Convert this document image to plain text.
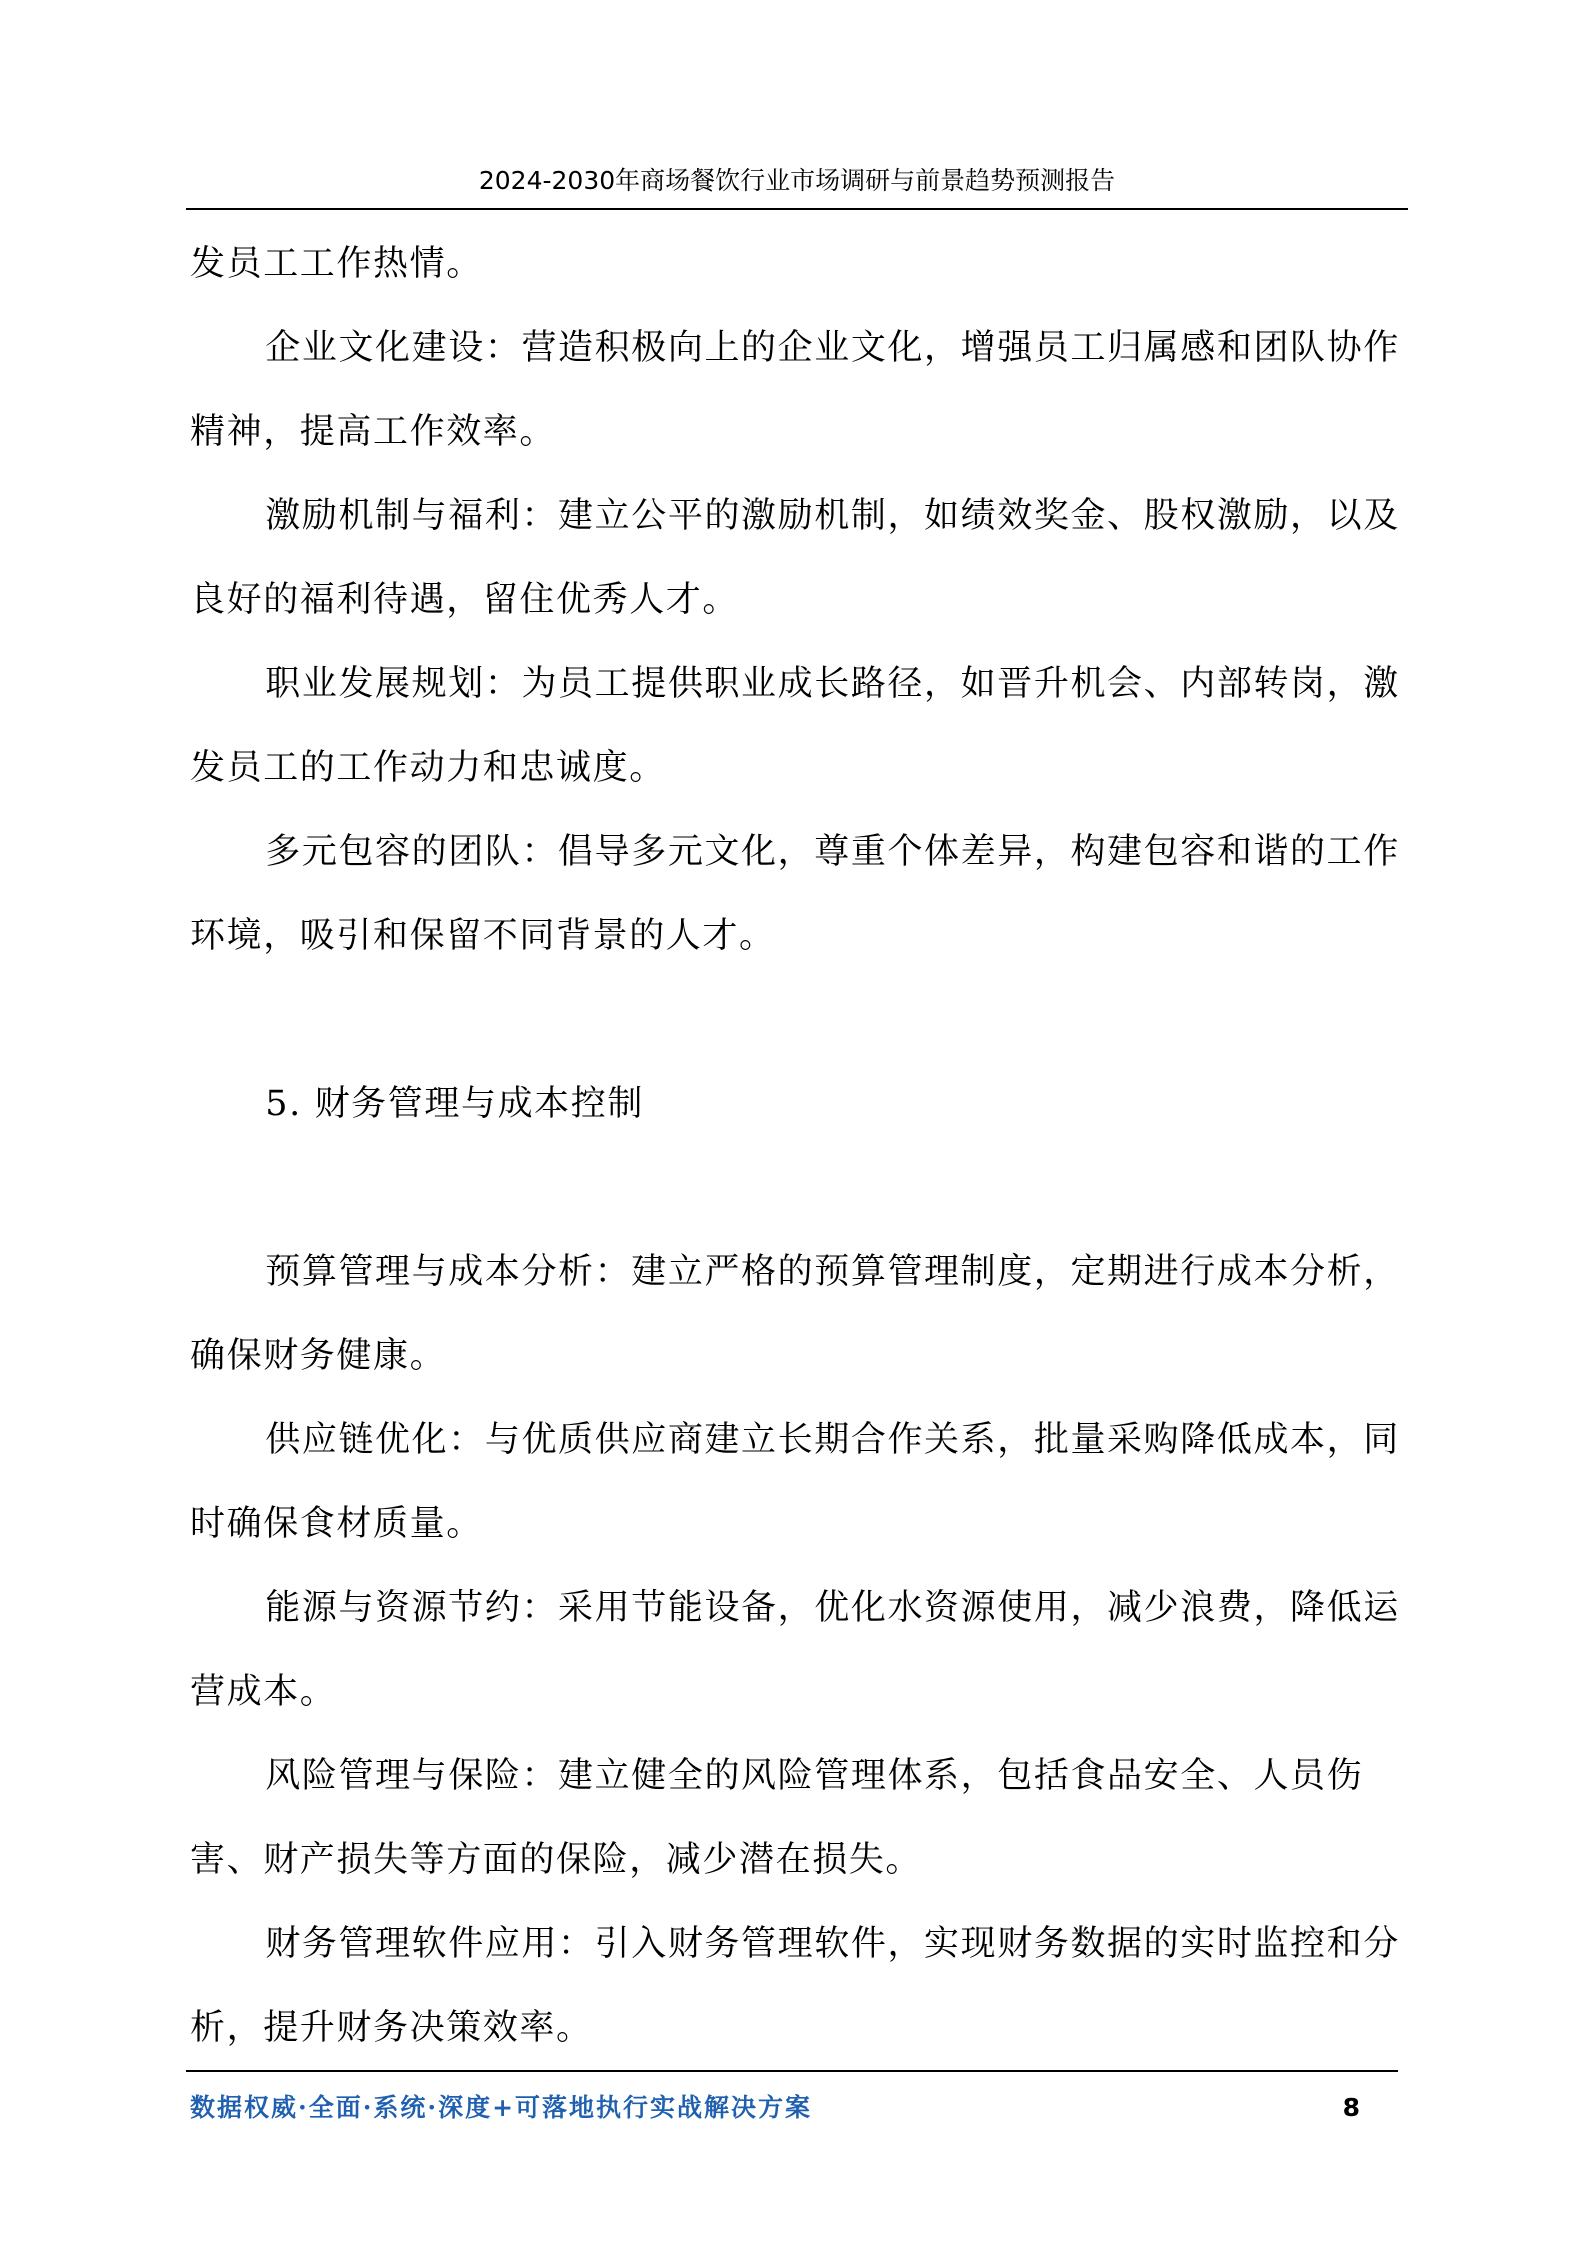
2024-2030年商场餐饮行业市场调研与前景趋势预测报告

发员工工作热情。

企业文化建设：营造积极向上的企业文化，增强员工归属感和团队协作精神，提高工作效率。

激励机制与福利：建立公平的激励机制，如绩效奖金、股权激励，以及良好的福利待遇，留住优秀人才。

职业发展规划：为员工提供职业成长路径，如晋升机会、内部转岗，激发员工的工作动力和忠诚度。

多元包容的团队：倡导多元文化，尊重个体差异，构建包容和谐的工作环境，吸引和保留不同背景的人才。

5. 财务管理与成本控制

预算管理与成本分析：建立严格的预算管理制度，定期进行成本分析，确保财务健康。

供应链优化：与优质供应商建立长期合作关系，批量采购降低成本，同时确保食材质量。

能源与资源节约：采用节能设备，优化水资源使用，减少浪费，降低运营成本。

风险管理与保险：建立健全的风险管理体系，包括食品安全、人员伤害、财产损失等方面的保险，减少潜在损失。

财务管理软件应用：引入财务管理软件，实现财务数据的实时监控和分析，提升财务决策效率。

数据权威·全面·系统·深度+可落地执行实战解决方案	8
